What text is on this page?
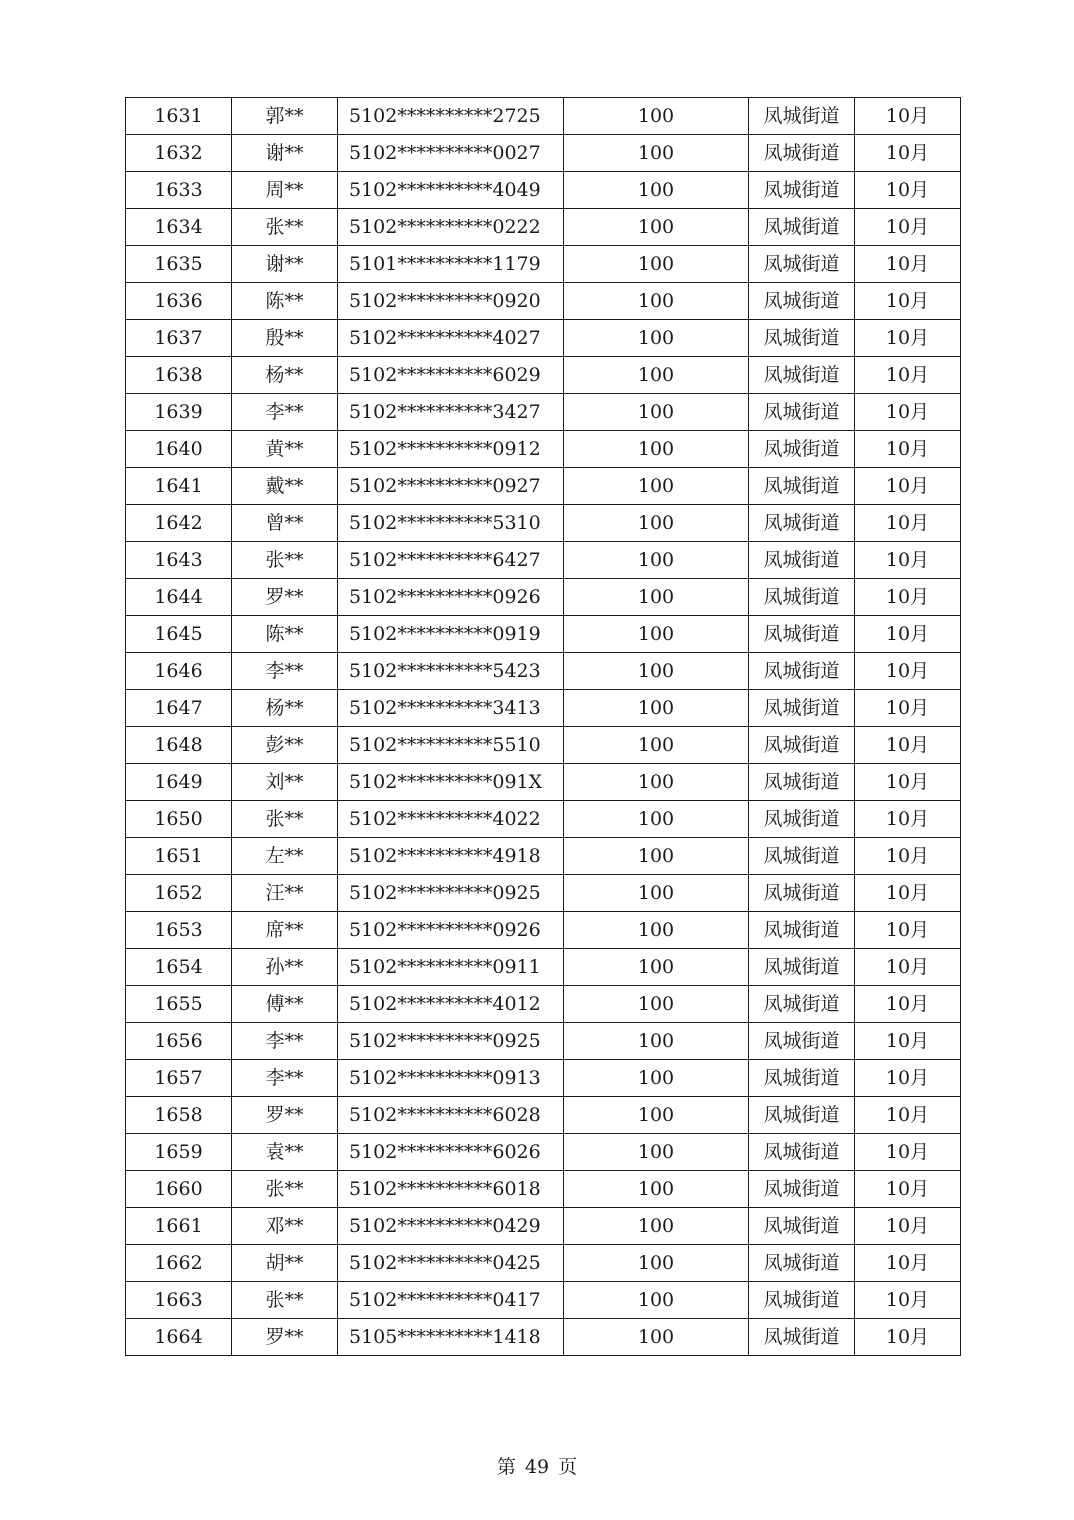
1631	郭**	5102**********2725	100	凤城街道	10月
1632	谢**	5102**********0027	100	凤城街道	10月
1633	周**	5102**********4049	100	凤城街道	10月
1634	张**	5102**********0222	100	凤城街道	10月
1635	谢**	5101**********1179	100	凤城街道	10月
1636	陈**	5102**********0920	100	凤城街道	10月
1637	殷**	5102**********4027	100	凤城街道	10月
1638	杨**	5102**********6029	100	凤城街道	10月
1639	李**	5102**********3427	100	凤城街道	10月
1640	黄**	5102**********0912	100	凤城街道	10月
1641	戴**	5102**********0927	100	凤城街道	10月
1642	曾**	5102**********5310	100	凤城街道	10月
1643	张**	5102**********6427	100	凤城街道	10月
1644	罗**	5102**********0926	100	凤城街道	10月
1645	陈**	5102**********0919	100	凤城街道	10月
1646	李**	5102**********5423	100	凤城街道	10月
1647	杨**	5102**********3413	100	凤城街道	10月
1648	彭**	5102**********5510	100	凤城街道	10月
1649	刘**	5102**********091X	100	凤城街道	10月
1650	张**	5102**********4022	100	凤城街道	10月
1651	左**	5102**********4918	100	凤城街道	10月
1652	汪**	5102**********0925	100	凤城街道	10月
1653	席**	5102**********0926	100	凤城街道	10月
1654	孙**	5102**********0911	100	凤城街道	10月
1655	傅**	5102**********4012	100	凤城街道	10月
1656	李**	5102**********0925	100	凤城街道	10月
1657	李**	5102**********0913	100	凤城街道	10月
1658	罗**	5102**********6028	100	凤城街道	10月
1659	袁**	5102**********6026	100	凤城街道	10月
1660	张**	5102**********6018	100	凤城街道	10月
1661	邓**	5102**********0429	100	凤城街道	10月
1662	胡**	5102**********0425	100	凤城街道	10月
1663	张**	5102**********0417	100	凤城街道	10月
1664	罗**	5105**********1418	100	凤城街道	10月
第 49 页
